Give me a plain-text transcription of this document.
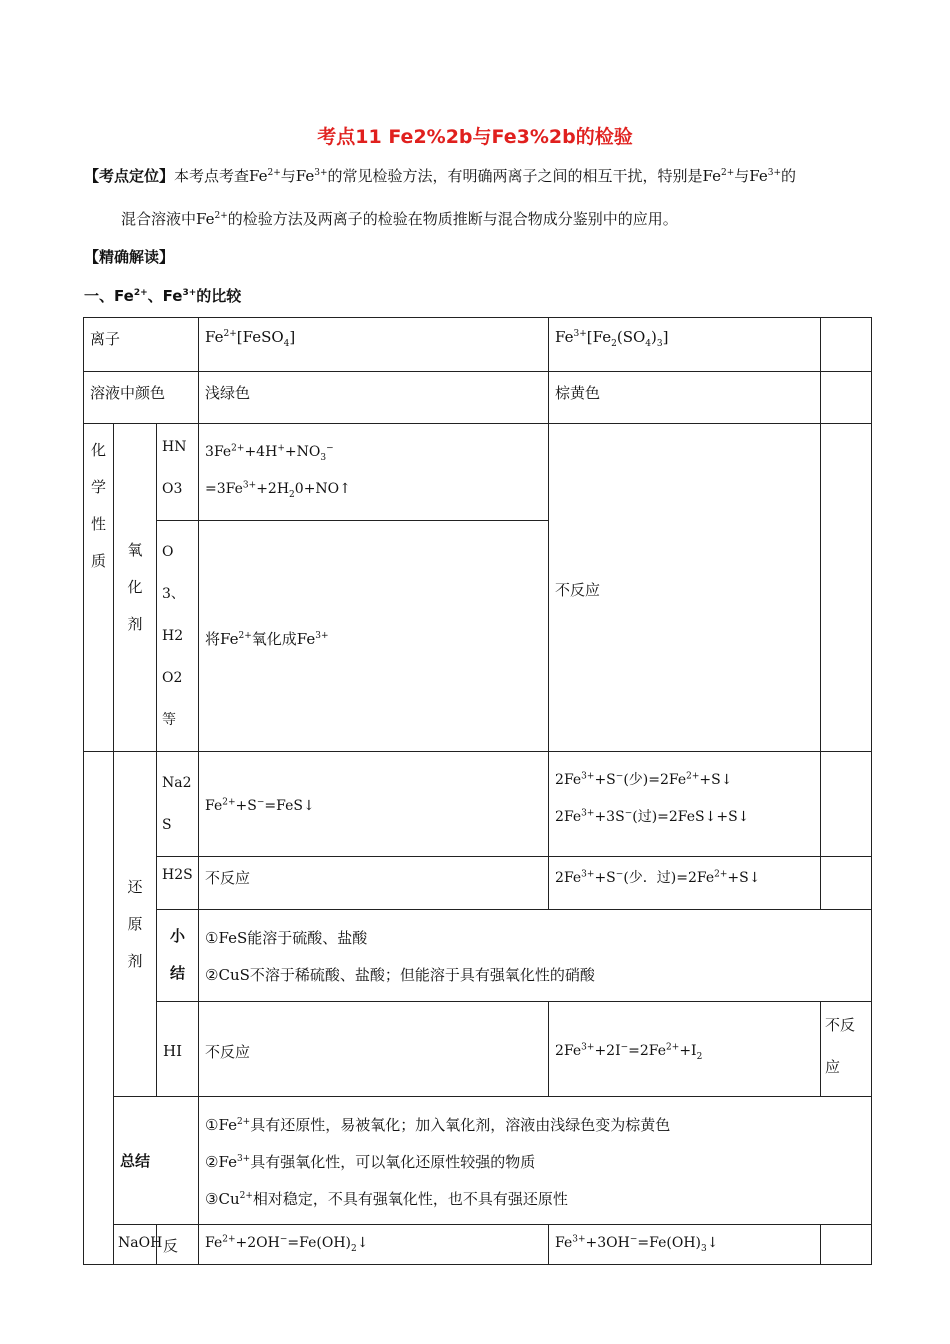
考点11 Fe2%2b与Fe3%2b的检验
【考点定位】本考点考查$Fe^{2+}$与$Fe^{3+}$的常见检验方法，有明确两离子之间的相互干扰，特别是$Fe^{2+}$与$Fe^{3+}$的
混合溶液中$Fe^{2+}$的检验方法及两离子的检验在物质推断与混合物成分鉴别中的应用。
【精确解读】
一、$Fe^{2+}$、$Fe^{3+}$的比较
离子			$Fe^{2+}[FeSO_4]$	$Fe^{3+}[Fe_2(SO_4)_3]$	
溶液中颜色			浅绿色	棕黄色	
化学性质	氧化剂	HNO3	$3Fe^{2+}+4H^++NO_3^-$
$=3Fe^{3+}+2H_20+NO↑$	不反应	
		O3、H2O2等	将$Fe^{2+}$氧化成$Fe^{3+}$

	还原剂	Na2S	$Fe^{2+}+S^-=FeS↓$	$2Fe^{3+}+S^-$(少)$=2Fe^{2+}+S↓$
$2Fe^{3+}+3S^-$(过)=2FeS↓+S↓	
		H2S	不反应	$2Fe^{3+}+S^-$(少．过)$=2Fe^{2+}+S↓$	

		小结	①FeS能溶于硫酸、盐酸
②CuS不溶于稀硫酸、盐酸；但能溶于具有强氧化性的硝酸		
		HI	不反应	$2Fe^{3+}+2I^-=2Fe^{2+}+I_2$	不反应
	总结		$①Fe^{2+}$具有还原性，易被氧化；加入氧化剂，溶液由浅绿色变为棕黄色
$②Fe^{3+}$具有强氧化性，可以氧化还原性较强的物质
$③Cu^{2+}$相对稳定，不具有强氧化性，也不具有强还原性		
	NaOH	反	$Fe^{2+}+2OH^-=Fe(OH)_2↓$	$Fe^{3+}+3OH^-=Fe(OH)_3↓$	
